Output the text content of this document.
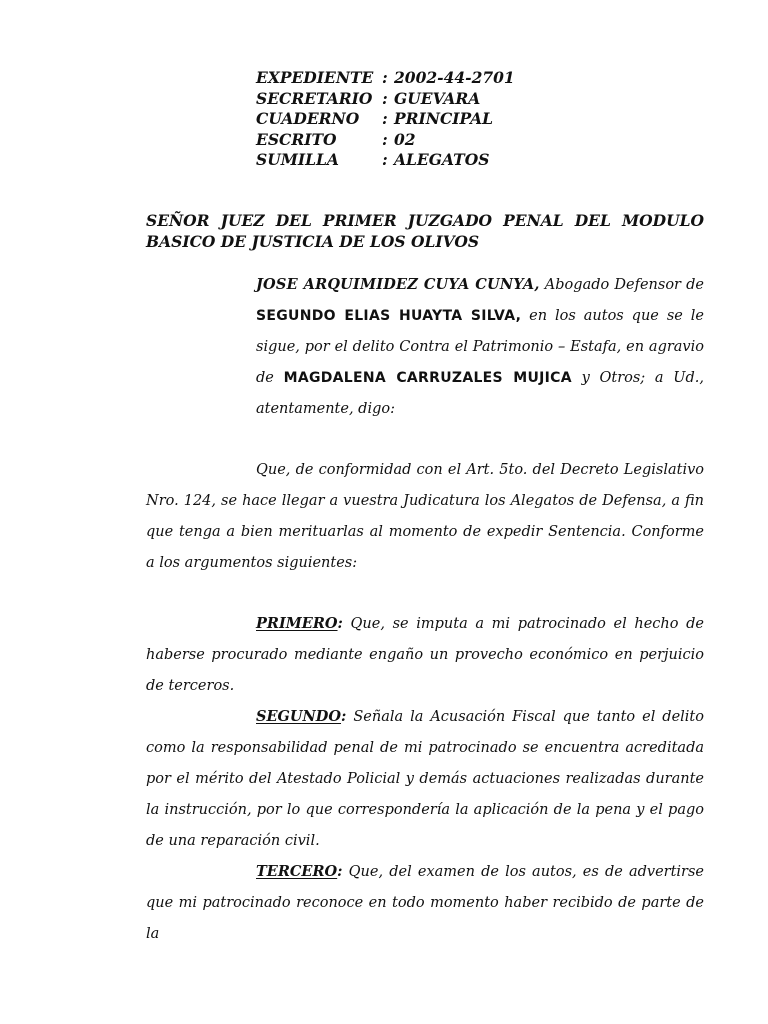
EXPEDIENTE : 2002-44-2701
SECRETARIO : GUEVARA
CUADERNO	: PRINCIPAL
ESCRITO	: 02
SUMILLA	: ALEGATOS
SEÑOR JUEZ DEL PRIMER JUZGADO PENAL DEL MODULO BASICO DE JUSTICIA DE LOS OLIVOS
JOSE ARQUIMIDEZ CUYA CUNYA, Abogado Defensor de SEGUNDO ELIAS HUAYTA SILVA, en los autos que se le sigue, por el delito Contra el Patrimonio – Estafa, en agravio de MAGDALENA CARRUZALES MUJICA y Otros; a Ud., atentamente, digo:
Que, de conformidad con el Art. 5to. del Decreto Legislativo Nro. 124, se hace llegar a vuestra Judicatura los Alegatos de Defensa, a fin que tenga a bien merituarlas al momento de expedir Sentencia. Conforme a los argumentos siguientes:
PRIMERO: Que, se imputa a mi patrocinado el hecho de haberse procurado mediante engaño un provecho económico en perjuicio de terceros.
SEGUNDO: Señala la Acusación Fiscal que tanto el delito como la responsabilidad penal de mi patrocinado se encuentra acreditada por el mérito del Atestado Policial y demás actuaciones realizadas durante la instrucción, por lo que correspondería la aplicación de la pena y el pago de una reparación civil.
TERCERO: Que, del examen de los autos, es de advertirse que mi patrocinado reconoce en todo momento haber recibido de parte de la
